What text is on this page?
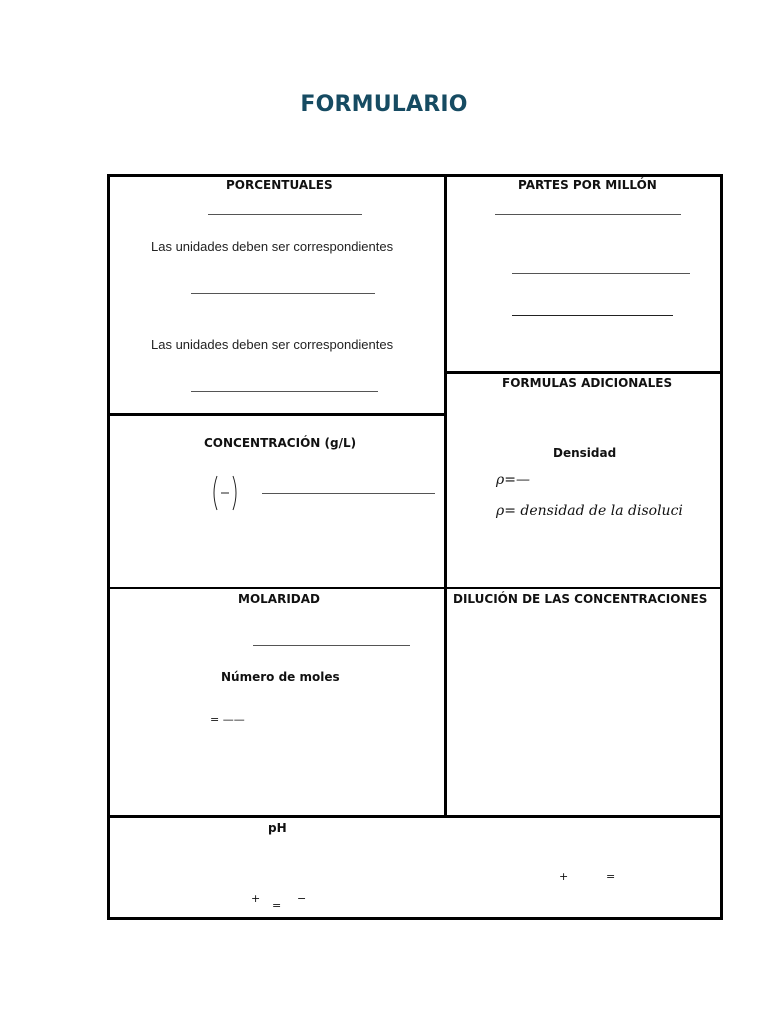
FORMULARIO
PORCENTUALES
Las unidades deben ser correspondientes
Las unidades deben ser correspondientes
PARTES POR MILLÓN
FORMULAS ADICIONALES
Densidad
ρ=—
ρ= densidad de la disoluci
CONCENTRACIÓN (g/L)
MOLARIDAD
Número de moles
= ——
DILUCIÓN DE LAS CONCENTRACIONES
pH
+	=
+
=
−
